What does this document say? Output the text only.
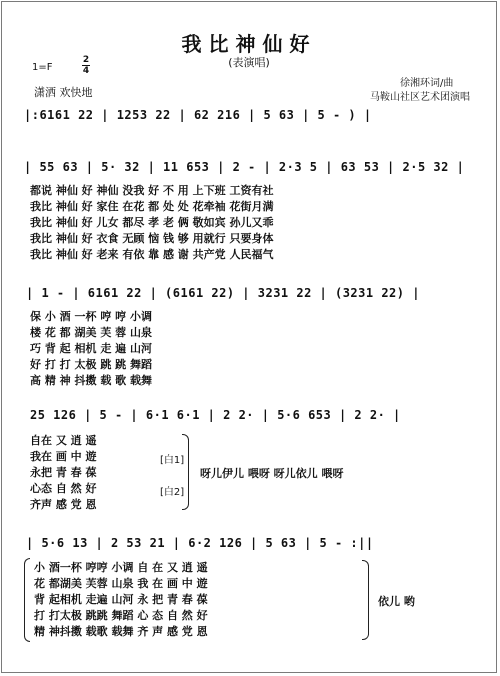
我比神仙好
(表演唱)
1=F
2
4
潇洒 欢快地
徐湘环词/曲
马鞍山社区艺术团演唱
|:6161 22 | 1253 22 | 62 216 | 5 63 | 5 - ) |
| 55 63 | 5· 32 | 11 653 | 2 - | 2·3 5 | 63 53 | 2·5 32 |
都说 神仙 好 神仙 没我 好 不 用 上下班 工资有社
我比 神仙 好 家住 在花 都 处 处 花牵袖 花街月满
我比 神仙 好 儿女 都尽 孝 老 俩 敬如宾 孙儿又乖
我比 神仙 好 衣食 无顾 恼 钱 够 用就行 只要身体
我比 神仙 好 老来 有依 靠 感 谢 共产党 人民福气
| 1 - | 6161 22 | (6161 22) | 3231 22 | (3231 22) |
保 小 酒 一杯 哼 哼 小调
楼 花 都 湖美 芙 蓉 山泉
巧 背 起 相机 走 遍 山河
好 打 打 太极 跳 跳 舞蹈
高 精 神 抖擞 载 歌 载舞
25 126 | 5 - | 6·1 6·1 | 2 2· | 5·6 653 | 2 2· |
自在 又 逍 遥
我在 画 中 遊
永把 青 春 葆
心态 自 然 好
齐声 感 党 恩
[白1]
[白2]
呀儿伊儿 喂呀 呀儿依儿 喂呀
| 5·6 13 | 2 53 21 | 6·2 126 | 5 63 | 5 - :||
小 酒一杯 哼哼 小调 自 在 又 逍 遥
花 都湖美 芙蓉 山泉 我 在 画 中 遊
背 起相机 走遍 山河 永 把 青 春 葆
打 打太极 跳跳 舞蹈 心 态 自 然 好
精 神抖擞 载歌 载舞 齐 声 感 党 恩
依儿 哟
